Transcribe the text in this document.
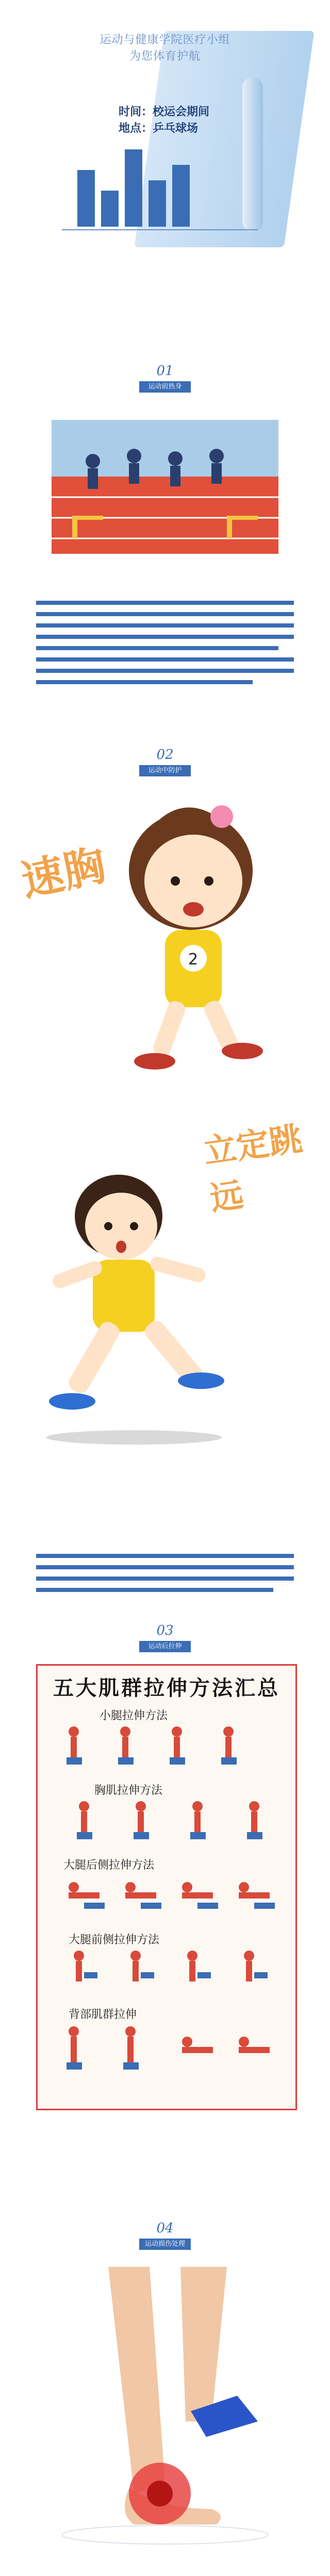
运动与健康学院医疗小组
为您体育护航
时间：校运会期间
地点：乒乓球场
01
运动前热身
02
运动中防护
速胸
2
立定跳远
03
运动后拉伸
五大肌群拉伸方法汇总
小腿拉伸方法
胸肌拉伸方法
大腿后侧拉伸方法
大腿前侧拉伸方法
背部肌群拉伸
04
运动损伤处理
